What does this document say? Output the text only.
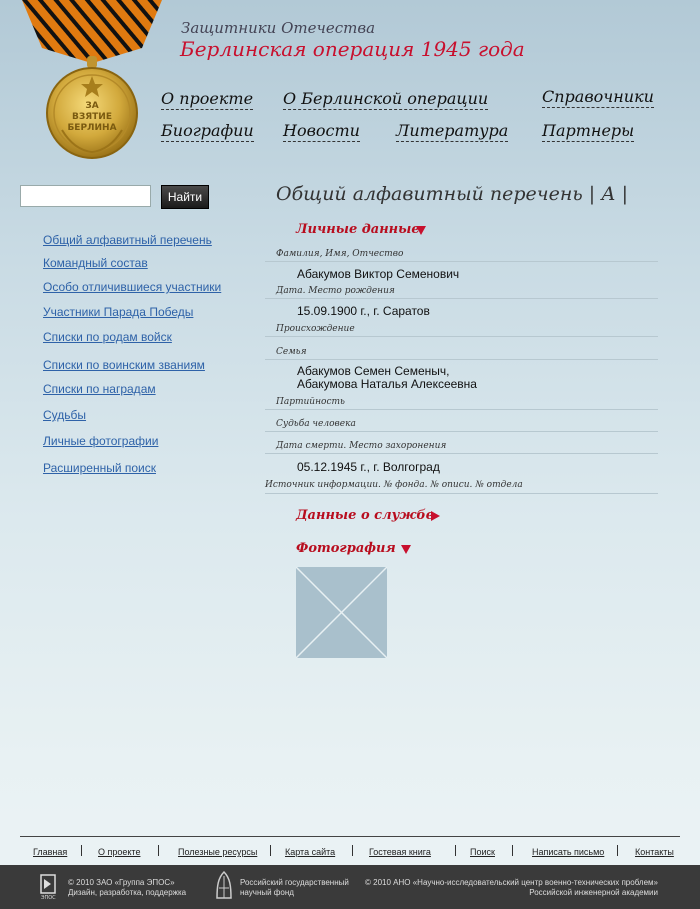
ЗА
ВЗЯТИЕ
БЕРЛИНА
Защитники Отечества
Берлинская операция 1945 года
О проекте О Берлинской операции	Справочники
Биографии Новости Литература Партнеры
Найти
Общий алфавитный перечень
Командный состав
Особо отличившиеся участники
Участники Парада Победы
Списки по родам войск
Списки по воинским званиям
Списки по наградам
Судьбы
Личные фотографии
Расширенный поиск
Общий алфавитный перечень | А |
Личные данные
Фамилия, Имя, Отчество
Абакумов Виктор Семенович
Дата. Место рождения
15.09.1900 г., г. Саратов
Происхождение
Семья
Абакумов Семен Семеныч,
Абакумова Наталья Алексеевна
Партийность
Судьба человека
Дата смерти. Место захоронения
05.12.1945 г., г. Волгоград
Источник информации. № фонда. № описи. № отдела
Данные о службе
Фотография
Главная	О проекте	Полезные ресурсы	Карта сайта	Гостевая книга	Поиск	Написать письмо	Контакты
ЭПОС
© 2010 ЗАО «Группа ЭПОС»
Дизайн, разработка, поддержка
Российский государственный
научный фонд
© 2010 АНО «Научно-исследовательский центр военно-технических проблем»
Российской инженерной академии
